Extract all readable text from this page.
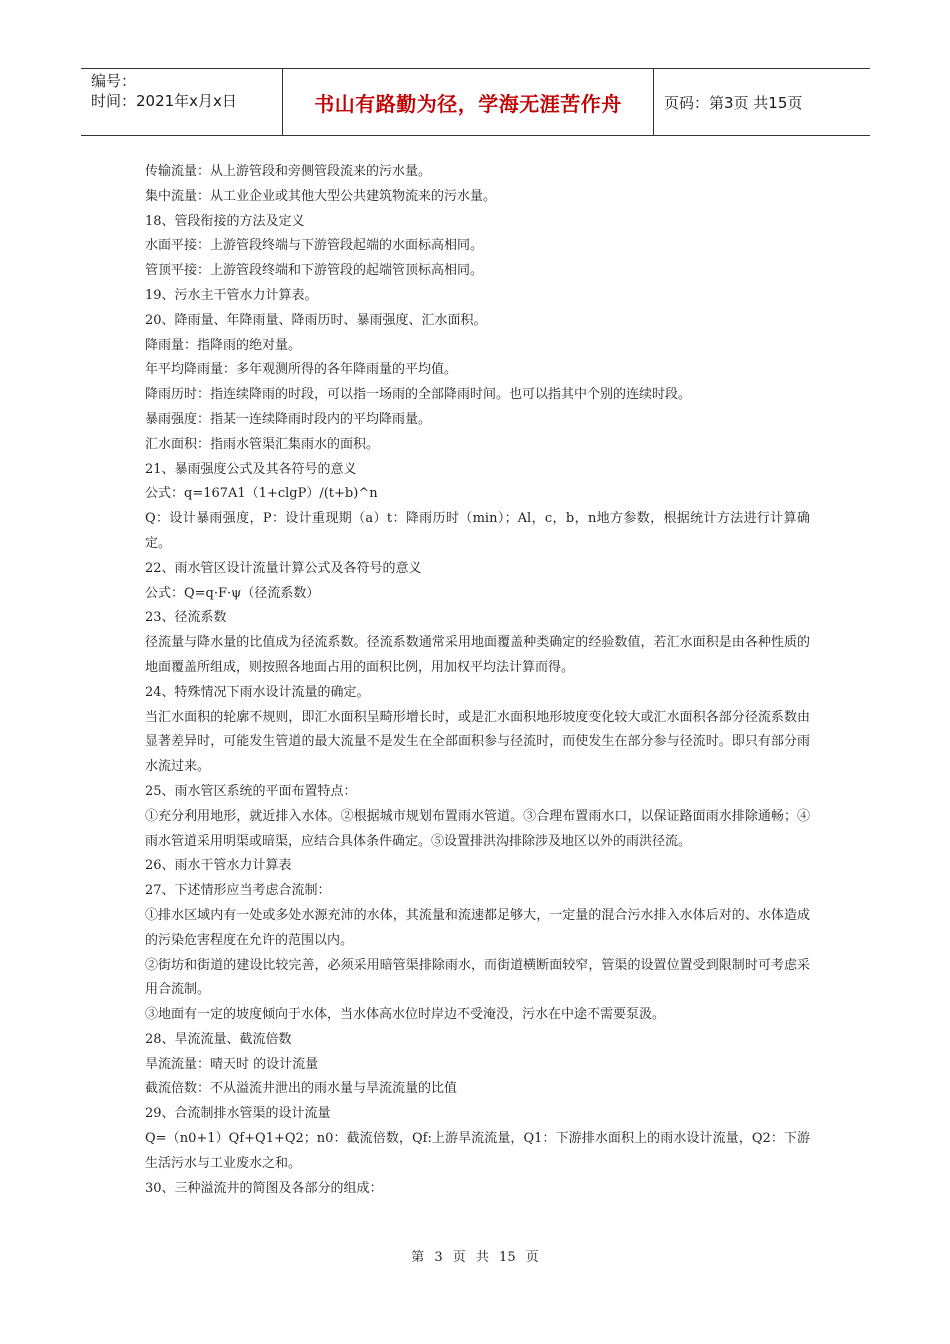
编号：
时间：2021年x月x日	书山有路勤为径，学海无涯苦作舟	页码：第3页 共15页

传输流量：从上游管段和旁侧管段流来的污水量。

集中流量：从工业企业或其他大型公共建筑物流来的污水量。

18、管段衔接的方法及定义

水面平接：上游管段终端与下游管段起端的水面标高相同。

管顶平接：上游管段终端和下游管段的起端管顶标高相同。

19、污水主干管水力计算表。

20、降雨量、年降雨量、降雨历时、暴雨强度、汇水面积。

降雨量：指降雨的绝对量。

年平均降雨量：多年观测所得的各年降雨量的平均值。

降雨历时：指连续降雨的时段，可以指一场雨的全部降雨时间。也可以指其中个别的连续时段。

暴雨强度：指某一连续降雨时段内的平均降雨量。

汇水面积：指雨水管渠汇集雨水的面积。

21、暴雨强度公式及其各符号的意义

公式：q=167A1（1+clgP）/(t+b)^n

Q：设计暴雨强度，P：设计重现期（a）t：降雨历时（min）；Al，c，b，n地方参数，根据统计方法进行计算确定。

22、雨水管区设计流量计算公式及各符号的意义

公式：Q=q·F·ψ（径流系数）

23、径流系数

径流量与降水量的比值成为径流系数。径流系数通常采用地面覆盖种类确定的经验数值，若汇水面积是由各种性质的地面覆盖所组成，则按照各地面占用的面积比例，用加权平均法计算而得。

24、特殊情况下雨水设计流量的确定。

当汇水面积的轮廓不规则，即汇水面积呈畸形增长时，或是汇水面积地形坡度变化较大或汇水面积各部分径流系数由显著差异时，可能发生管道的最大流量不是发生在全部面积参与径流时，而使发生在部分参与径流时。即只有部分雨水流过来。

25、雨水管区系统的平面布置特点：

①充分利用地形，就近排入水体。②根据城市规划布置雨水管道。③合理布置雨水口，以保证路面雨水排除通畅；④雨水管道采用明渠或暗渠，应结合具体条件确定。⑤设置排洪沟排除涉及地区以外的雨洪径流。

26、雨水干管水力计算表

27、下述情形应当考虑合流制：

①排水区域内有一处或多处水源充沛的水体，其流量和流速都足够大，一定量的混合污水排入水体后对的、水体造成的污染危害程度在允许的范围以内。

②街坊和街道的建设比较完善，必须采用暗管渠排除雨水，而街道横断面较窄，管渠的设置位置受到限制时可考虑采用合流制。

③地面有一定的坡度倾向于水体，当水体高水位时岸边不受淹没，污水在中途不需要泵汲。

28、旱流流量、截流倍数

旱流流量：晴天时 的设计流量

截流倍数：不从溢流井泄出的雨水量与旱流流量的比值

29、合流制排水管渠的设计流量

Q=（n0+1）Qf+Q1+Q2；n0：截流倍数，Qf:上游旱流流量，Q1：下游排水面积上的雨水设计流量，Q2：下游生活污水与工业废水之和。

30、三种溢流井的简图及各部分的组成：

第 3 页 共 15 页
